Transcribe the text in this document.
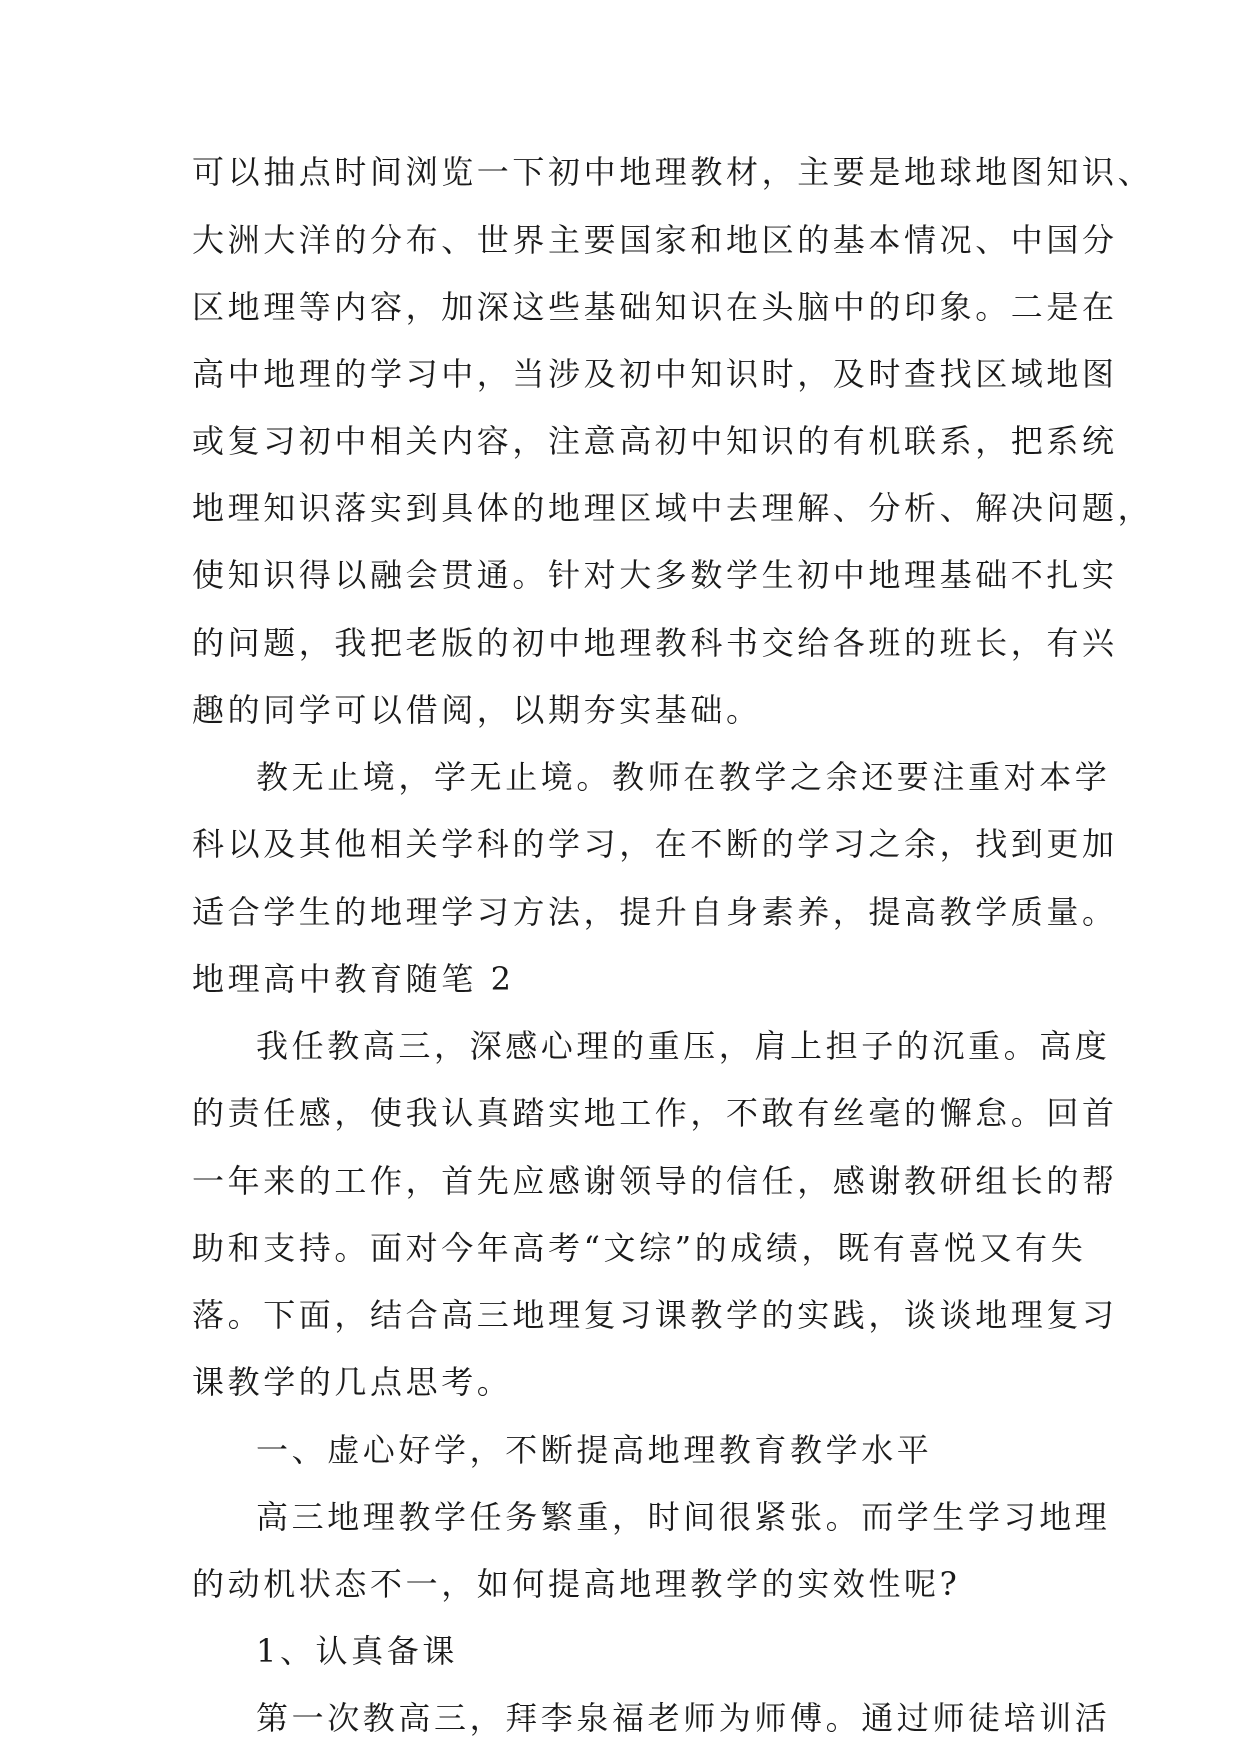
可以抽点时间浏览一下初中地理教材，主要是地球地图知识、
大洲大洋的分布、世界主要国家和地区的基本情况、中国分
区地理等内容，加深这些基础知识在头脑中的印象。二是在
高中地理的学习中，当涉及初中知识时，及时查找区域地图
或复习初中相关内容，注意高初中知识的有机联系，把系统
地理知识落实到具体的地理区域中去理解、分析、解决问题，
使知识得以融会贯通。针对大多数学生初中地理基础不扎实
的问题，我把老版的初中地理教科书交给各班的班长，有兴
趣的同学可以借阅，以期夯实基础。
教无止境，学无止境。教师在教学之余还要注重对本学
科以及其他相关学科的学习，在不断的学习之余，找到更加
适合学生的地理学习方法，提升自身素养，提高教学质量。
地理高中教育随笔 2
我任教高三，深感心理的重压，肩上担子的沉重。高度
的责任感，使我认真踏实地工作，不敢有丝毫的懈怠。回首
一年来的工作，首先应感谢领导的信任，感谢教研组长的帮
助和支持。面对今年高考“文综”的成绩，既有喜悦又有失
落。下面，结合高三地理复习课教学的实践，谈谈地理复习
课教学的几点思考。
一、虚心好学，不断提高地理教育教学水平
高三地理教学任务繁重，时间很紧张。而学生学习地理
的动机状态不一，如何提高地理教学的实效性呢?
1、认真备课
第一次教高三，拜李泉福老师为师傅。通过师徒培训活
